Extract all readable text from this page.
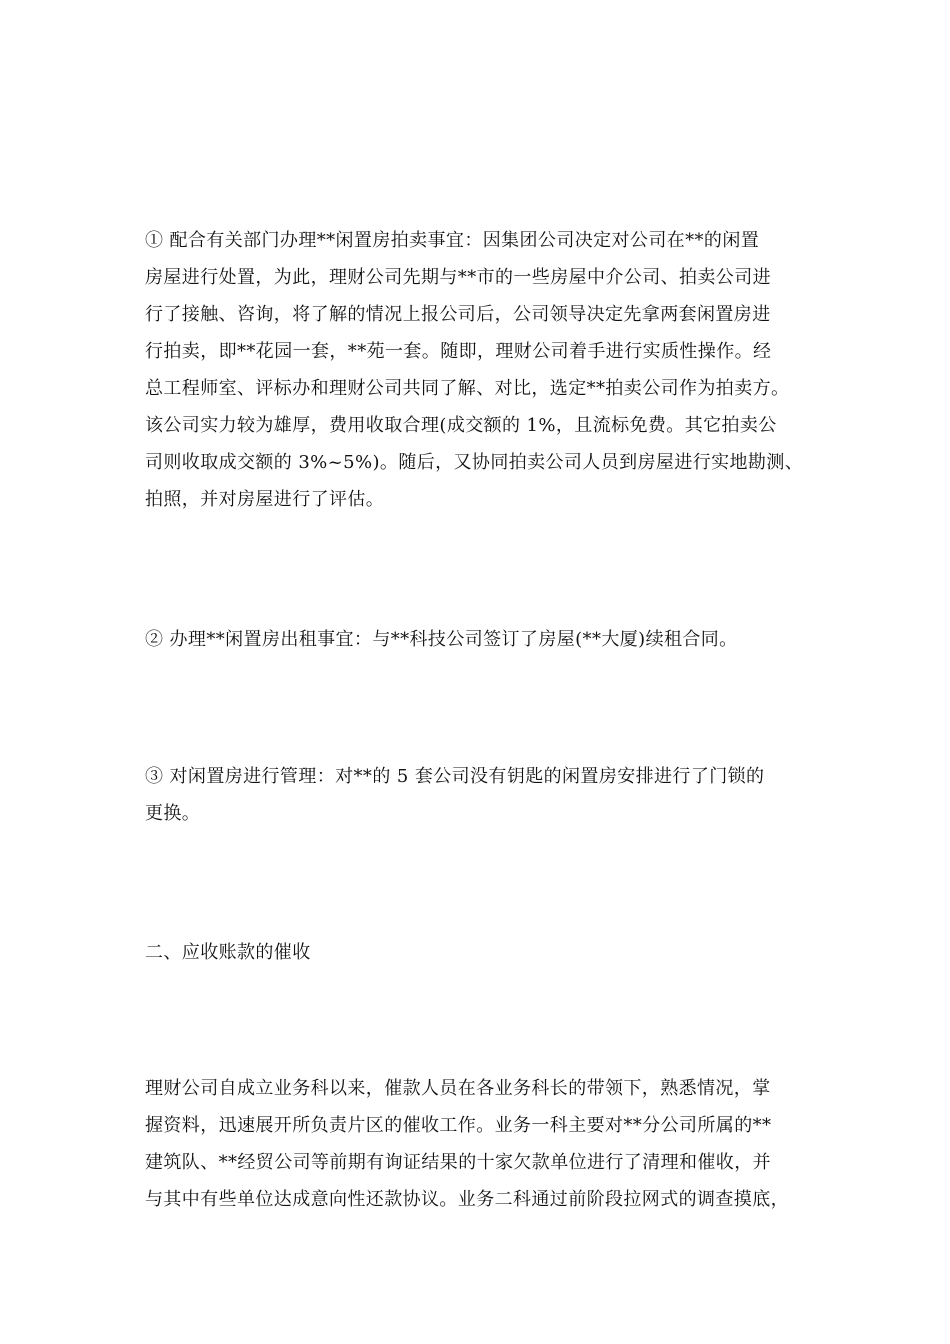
① 配合有关部门办理**闲置房拍卖事宜：因集团公司决定对公司在**的闲置
房屋进行处置，为此，理财公司先期与**市的一些房屋中介公司、拍卖公司进
行了接触、咨询，将了解的情况上报公司后，公司领导决定先拿两套闲置房进
行拍卖，即**花园一套，**苑一套。随即，理财公司着手进行实质性操作。经
总工程师室、评标办和理财公司共同了解、对比，选定**拍卖公司作为拍卖方。
该公司实力较为雄厚，费用收取合理(成交额的 1%，且流标免费。其它拍卖公
司则收取成交额的 3%~5%)。随后，又协同拍卖公司人员到房屋进行实地勘测、
拍照，并对房屋进行了评估。
② 办理**闲置房出租事宜：与**科技公司签订了房屋(**大厦)续租合同。
③ 对闲置房进行管理：对**的 5 套公司没有钥匙的闲置房安排进行了门锁的
更换。
二、应收账款的催收
理财公司自成立业务科以来，催款人员在各业务科长的带领下，熟悉情况，掌
握资料，迅速展开所负责片区的催收工作。业务一科主要对**分公司所属的**
建筑队、**经贸公司等前期有询证结果的十家欠款单位进行了清理和催收，并
与其中有些单位达成意向性还款协议。业务二科通过前阶段拉网式的调查摸底，
